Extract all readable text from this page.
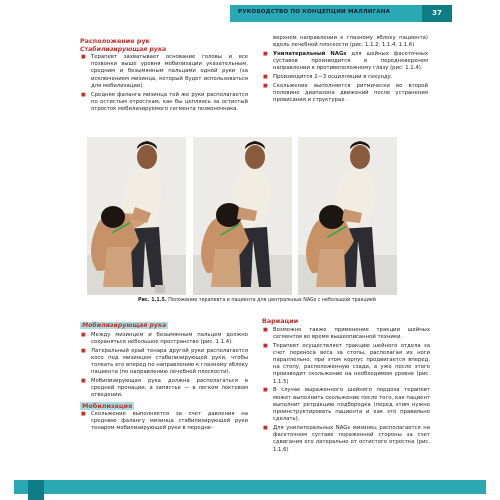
РУКОВОДСТВО ПО КОНЦЕПЦИИ МАЛЛИГАНА	37

Расположение рук

Стабилизирующая рука

■ Терапевт захватывает основание головы и все позвонки выше уровня мобилизации указательным, средним и безымянным пальцами одной руки (за исключением мизинца, который будет использоваться для мобилизации).
■ Средняя фаланга мизинца той же руки располагается по остистым отросткам, как бы цепляясь за остистый отросток мобилизируемого сегмента позвоночника.

верхнем направлении к глазному яблоку пациента) вдоль лечебной плоскости (рис. 1.1.2, 1.1.4, 1.1.6)

■ Унилатеральный NAGs для шейных фасеточных суставов производится в передневерхнем направлении к противоположному глазу (рис. 1.1.4).
■ Производится 2—3 осцилляции в секунду.
■ Скольжение выполняется ритмически во второй половине диапазона движений после устранения провисания и структурах.
Рис. 1.1.5. Положение терапевта и пациента для центральных NAGs с небольшой тракцией

Мобилизирующая рука

■ Между мизинцем и безымянным пальцем должно сохраняться небольшое пространство (рис. 1.1.4).
■ Латеральный край тенара другой руки располагается косо под мизинцем стабилизирующей руки, чтобы толкать его вперед по направлению к глазному яблоку пациента (по направлению лечебной плоскости).
■ Мобилизирующая рука должна располагаться в средней пронации, а запястье — в легком локтевом отведении.

Мобилизация

■ Скольжение выполняется за счет давления на среднюю фалангу мизинца стабилизирующей руки тенаром мобилизирующей руки в передне-

Вариации

■ Возможно также применение тракции шейных сегментов во время вышеописанной техники.
■ Терапевт осуществляет тракцию шейного отдела за счет переноса веса за стопы, располагая их ноги параллельно, при этом корпус продвигается вперед, на стопу, расположенную сзади, а уже после этого производит скольжение на необходимом уровне (рис. 1.1.5)
■ В случае выраженного шейного лордоза терапевт может выполнить скольжение после того, как пациент выполнит ретракцию подбородка (перед этим нужно проинструктировать пациента и как это правильно сделать).
■ Для унилатеральных NAGs мизинец располагается на фасеточном суставе пораженной стороны за счет сдвигания его латерально от остистого отростка (рис. 1.1.6)
